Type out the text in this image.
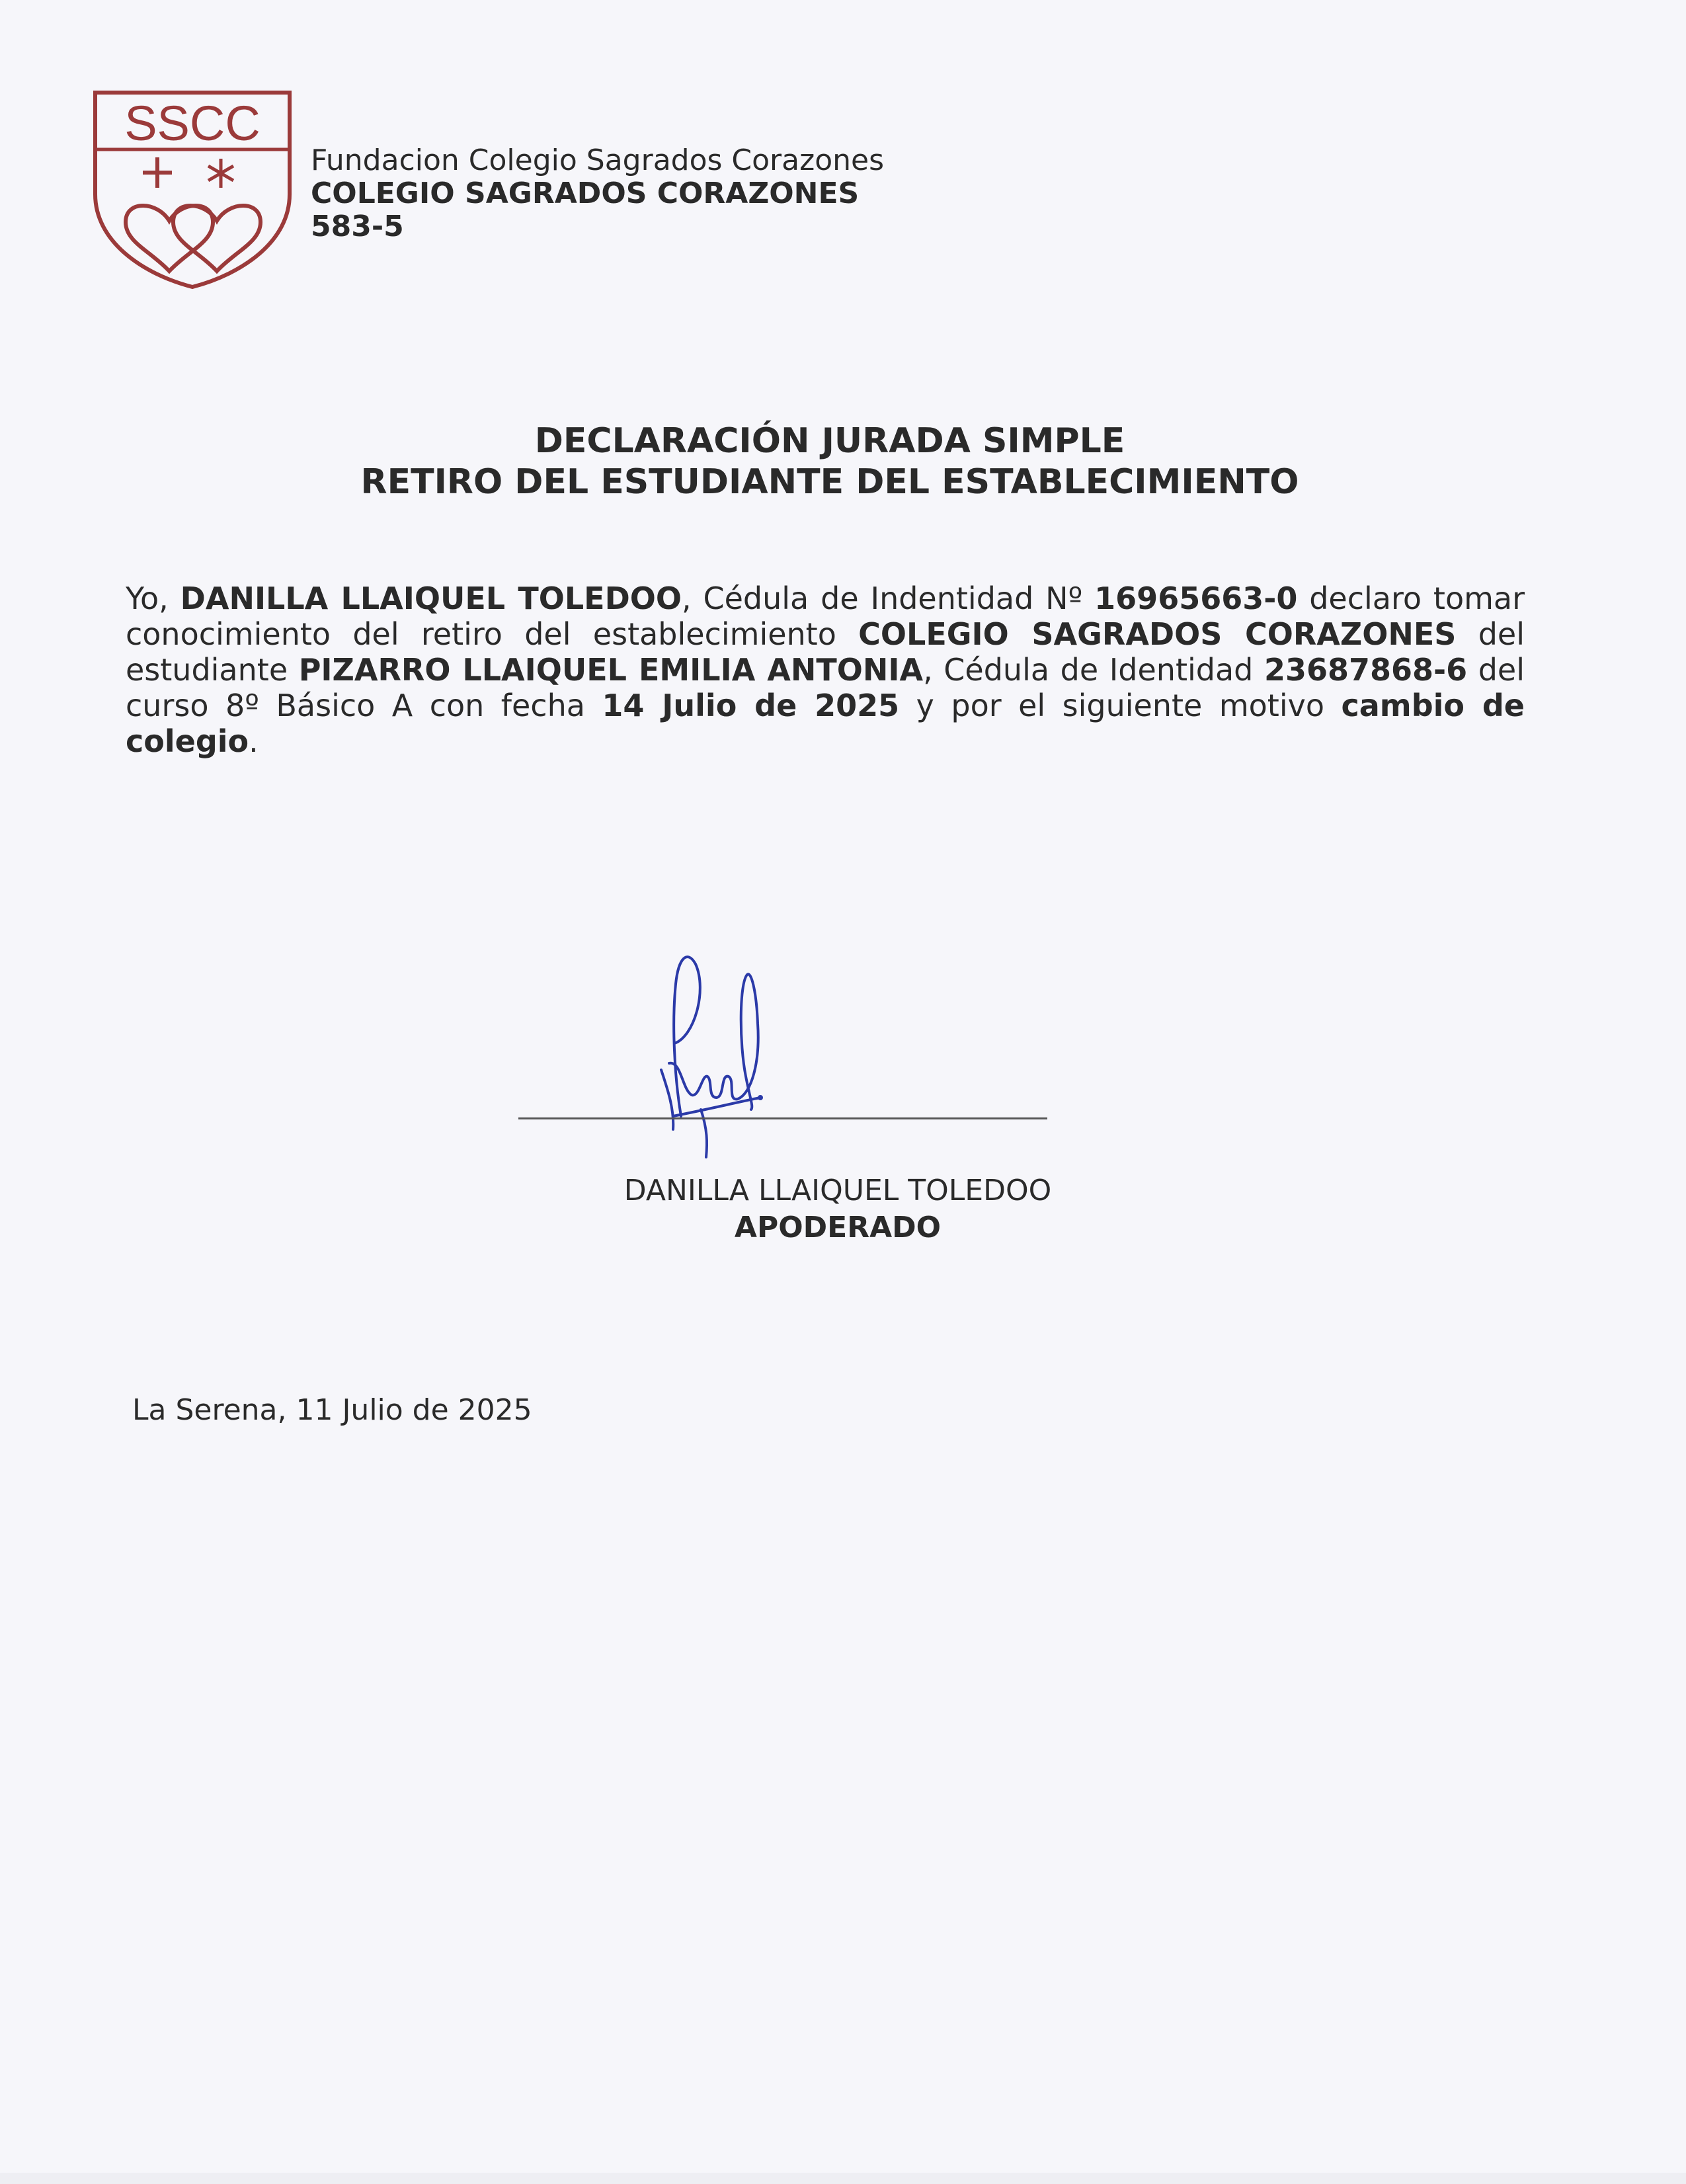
SSCC
Fundacion Colegio Sagrados Corazones
COLEGIO SAGRADOS CORAZONES
583-5
DECLARACIÓN JURADA SIMPLE
RETIRO DEL ESTUDIANTE DEL ESTABLECIMIENTO
Yo, DANILLA LLAIQUEL TOLEDOO, Cédula de Indentidad Nº 16965663-0 declaro tomar conocimiento del retiro del establecimiento COLEGIO SAGRADOS CORAZONES del estudiante PIZARRO LLAIQUEL EMILIA ANTONIA, Cédula de Identidad 23687868-6 del curso 8º Básico A con fecha 14 Julio de 2025 y por el siguiente motivo cambio de colegio.
DANILLA LLAIQUEL TOLEDOO
APODERADO
La Serena, 11 Julio de 2025
